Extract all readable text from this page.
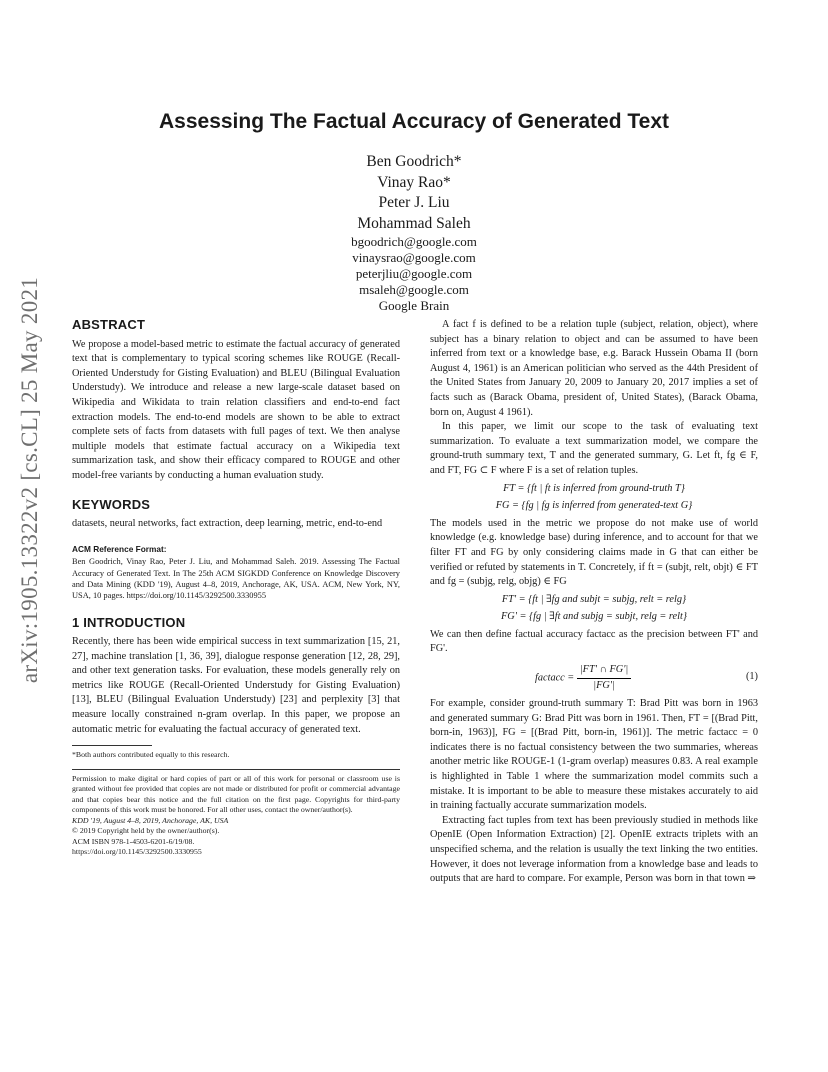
arXiv:1905.13322v2 [cs.CL] 25 May 2021
Assessing The Factual Accuracy of Generated Text
Ben Goodrich*
Vinay Rao*
Peter J. Liu
Mohammad Saleh
bgoodrich@google.com
vinaysrao@google.com
peterjliu@google.com
msaleh@google.com
Google Brain
ABSTRACT

We propose a model-based metric to estimate the factual accuracy of generated text that is complementary to typical scoring schemes like ROUGE (Recall-Oriented Understudy for Gisting Evaluation) and BLEU (Bilingual Evaluation Understudy). We introduce and release a new large-scale dataset based on Wikipedia and Wikidata to train relation classifiers and end-to-end fact extraction models. The end-to-end models are shown to be able to extract complete sets of facts from datasets with full pages of text. We then analyse multiple models that estimate factual accuracy on a Wikipedia text summarization task, and show their efficacy compared to ROUGE and other model-free variants by conducting a human evaluation study.

KEYWORDS

datasets, neural networks, fact extraction, deep learning, metric, end-to-end

ACM Reference Format:

Ben Goodrich, Vinay Rao, Peter J. Liu, and Mohammad Saleh. 2019. Assessing The Factual Accuracy of Generated Text. In The 25th ACM SIGKDD Conference on Knowledge Discovery and Data Mining (KDD '19), August 4–8, 2019, Anchorage, AK, USA. ACM, New York, NY, USA, 10 pages. https://doi.org/10.1145/3292500.3330955

1 INTRODUCTION

Recently, there has been wide empirical success in text summarization [15, 21, 27], machine translation [1, 36, 39], dialogue response generation [12, 28, 29], and other text generation tasks. For evaluation, these models generally rely on metrics like ROUGE (Recall-Oriented Understudy for Gisting Evaluation) [13], BLEU (Bilingual Evaluation Understudy) [23] and perplexity [3] that measure locally constrained n-gram overlap. In this paper, we propose an automatic metric for evaluating the factual accuracy of generated text.

*Both authors contributed equally to this research.

Permission to make digital or hard copies of part or all of this work for personal or classroom use is granted without fee provided that copies are not made or distributed for profit or commercial advantage and that copies bear this notice and the full citation on the first page. Copyrights for third-party components of this work must be honored. For all other uses, contact the owner/author(s).

KDD '19, August 4–8, 2019, Anchorage, AK, USA

© 2019 Copyright held by the owner/author(s).

ACM ISBN 978-1-4503-6201-6/19/08.

https://doi.org/10.1145/3292500.3330955

A fact f is defined to be a relation tuple (subject, relation, object), where subject has a binary relation to object and can be assumed to have been inferred from text or a knowledge base, e.g. Barack Hussein Obama II (born August 4, 1961) is an American politician who served as the 44th President of the United States from January 20, 2009 to January 20, 2017 implies a set of facts such as (Barack Obama, president of, United States), (Barack Obama, born on, August 4 1961).

In this paper, we limit our scope to the task of evaluating text summarization. To evaluate a text summarization model, we compare the ground-truth summary text, T and the generated summary, G. Let ft, fg ∈ F, and FT, FG ⊂ F where F is a set of relation tuples.

FT = {ft | ft is inferred from ground-truth T}
FG = {fg | fg is inferred from generated-text G}

The models used in the metric we propose do not make use of world knowledge (e.g. knowledge base) during inference, and to account for that we filter FT and FG by only considering claims made in G that can either be verified or refuted by statements in T. Concretely, if ft = (subjt, relt, objt) ∈ FT and fg = (subjg, relg, objg) ∈ FG

FT' = {ft | ∃fg and subjt = subjg, relt = relg}
FG' = {fg | ∃ft and subjg = subjt, relg = relt}

We can then define factual accuracy factacc as the precision between FT' and FG'.

factacc = $\frac{|FT' \cap FG'|}{|FG'|}$	(1)

For example, consider ground-truth summary T: Brad Pitt was born in 1963 and generated summary G: Brad Pitt was born in 1961. Then, FT = [(Brad Pitt, born-in, 1963)], FG = [(Brad Pitt, born-in, 1961)]. The metric factacc = 0 indicates there is no factual consistency between the two summaries, whereas another metric like ROUGE-1 (1-gram overlap) measures 0.83. A real example is highlighted in Table 1 where the summarization model commits such a mistake. It is important to be able to measure these mistakes accurately to aid in training factually accurate summarization models.

Extracting fact tuples from text has been previously studied in methods like OpenIE (Open Information Extraction) [2]. OpenIE extracts triplets with an unspecified schema, and the relation is usually the text linking the two entities. However, it does not leverage information from a knowledge base and leads to outputs that are hard to compare. For example, Person was born in that town ⇒
